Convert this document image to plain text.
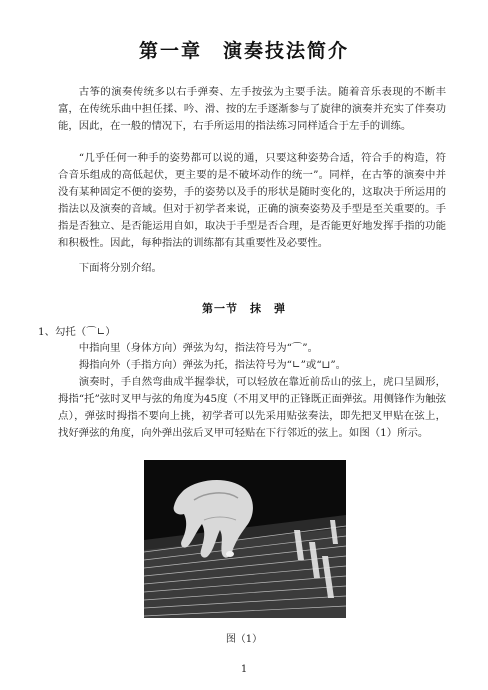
第一章　演奏技法简介

古筝的演奏传统多以右手弹奏、左手按弦为主要手法。随着音乐表现的不断丰富，在传统乐曲中担任揉、吟、滑、按的左手逐渐参与了旋律的演奏并充实了伴奏功能，因此，在一般的情况下，右手所运用的指法练习同样适合于左手的训练。

“几乎任何一种手的姿势都可以说的通，只要这种姿势合适，符合手的构造，符合音乐组成的高低起伏，更主要的是不破坏动作的统一”。同样，在古筝的演奏中并没有某种固定不便的姿势，手的姿势以及手的形状是随时变化的，这取决于所运用的指法以及演奏的音域。但对于初学者来说，正确的演奏姿势及手型是至关重要的。手指是否独立、是否能运用自如，取决于手型是否合理，是否能更好地发挥手指的功能和积极性。因此，每种指法的训练都有其重要性及必要性。

下面将分别介绍。

第一节　抹　弹
1、勾托（⌒∟）

中指向里（身体方向）弹弦为勾，指法符号为“⌒”。

拇指向外（手指方向）弹弦为托，指法符号为“∟”或“⊔”。

演奏时，手自然弯曲成半握拳状，可以轻放在靠近前岳山的弦上，虎口呈圆形，拇指“托”弦时叉甲与弦的角度为45度（不用叉甲的正锋既正面弹弦。用侧锋作为触弦点），弹弦时拇指不要向上挑，初学者可以先采用贴弦奏法，即先把叉甲贴在弦上，找好弹弦的角度，向外弹出弦后叉甲可轻贴在下行邻近的弦上。如图（1）所示。

图（1）
1
